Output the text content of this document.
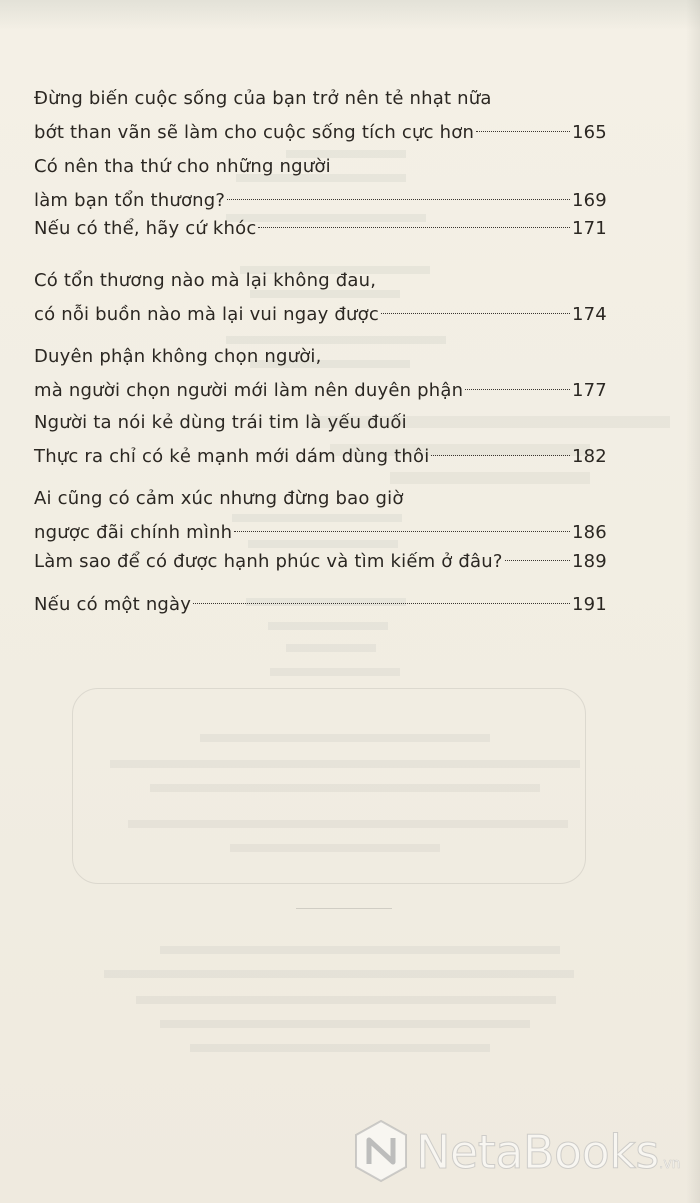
Đừng biến cuộc sống của bạn trở nên tẻ nhạt nữa
bớt than vãn sẽ làm cho cuộc sống tích cực hơn	165
Có nên tha thứ cho những người
làm bạn tổn thương?	169
Nếu có thể, hãy cứ khóc	171
Có tổn thương nào mà lại không đau,
có nỗi buồn nào mà lại vui ngay được	174
Duyên phận không chọn người,
mà người chọn người mới làm nên duyên phận	177
Người ta nói kẻ dùng trái tim là yếu đuối
Thực ra chỉ có kẻ mạnh mới dám dùng thôi	182
Ai cũng có cảm xúc nhưng đừng bao giờ
ngược đãi chính mình	186
Làm sao để có được hạnh phúc và tìm kiếm ở đâu?	189
Nếu có một ngày	191
NetaBooks.vn
